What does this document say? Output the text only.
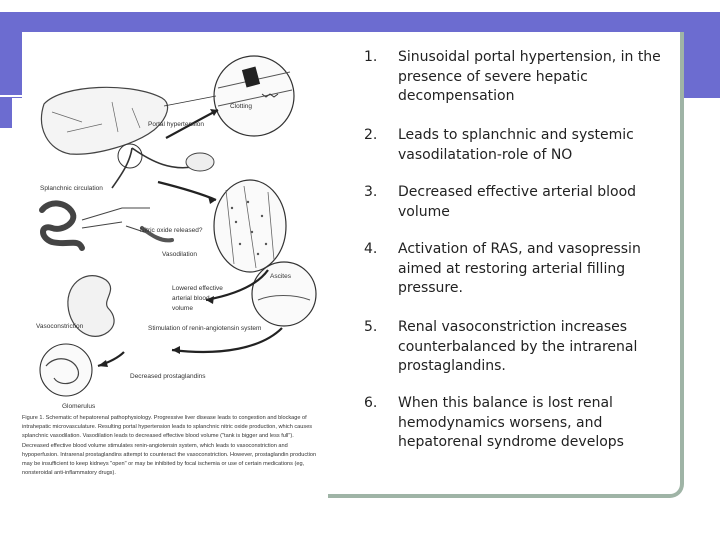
Clotting
Portal hypertension
Splanchnic circulation
Nitric oxide released?
Vasodilation
Ascites
Lowered effective
arterial blood
volume
Vasoconstriction	Stimulation of renin-angiotensin system
Decreased prostaglandins
Glomerulus

Figure 1. Schematic of hepatorenal pathophysiology. Progressive liver disease leads to congestion and blockage of intrahepatic microvasculature. Resulting portal hypertension leads to splanchnic nitric oxide production, which causes splanchnic vasodilation. Vasodilation leads to decreased effective blood volume ("tank is bigger and less full"). Decreased effective blood volume stimulates renin-angiotensin system, which leads to vasoconstriction and hypoperfusion. Intrarenal prostaglandins attempt to counteract the vasoconstriction. However, prostaglandin production may be insufficient to keep kidneys "open" or may be inhibited by focal ischemia or use of certain medications (eg, nonsteroidal anti-inflammatory drugs).

1. Sinusoidal portal hypertension, in the presence of severe hepatic decompensation
2. Leads to splanchnic and systemic vasodilatation-role of NO
3. Decreased effective arterial blood volume
4. Activation of RAS, and vasopressin aimed at restoring arterial filling pressure.
5. Renal vasoconstriction increases counterbalanced by the intrarenal prostaglandins.
6. When this balance is lost renal hemodynamics worsens, and hepatorenal syndrome develops
